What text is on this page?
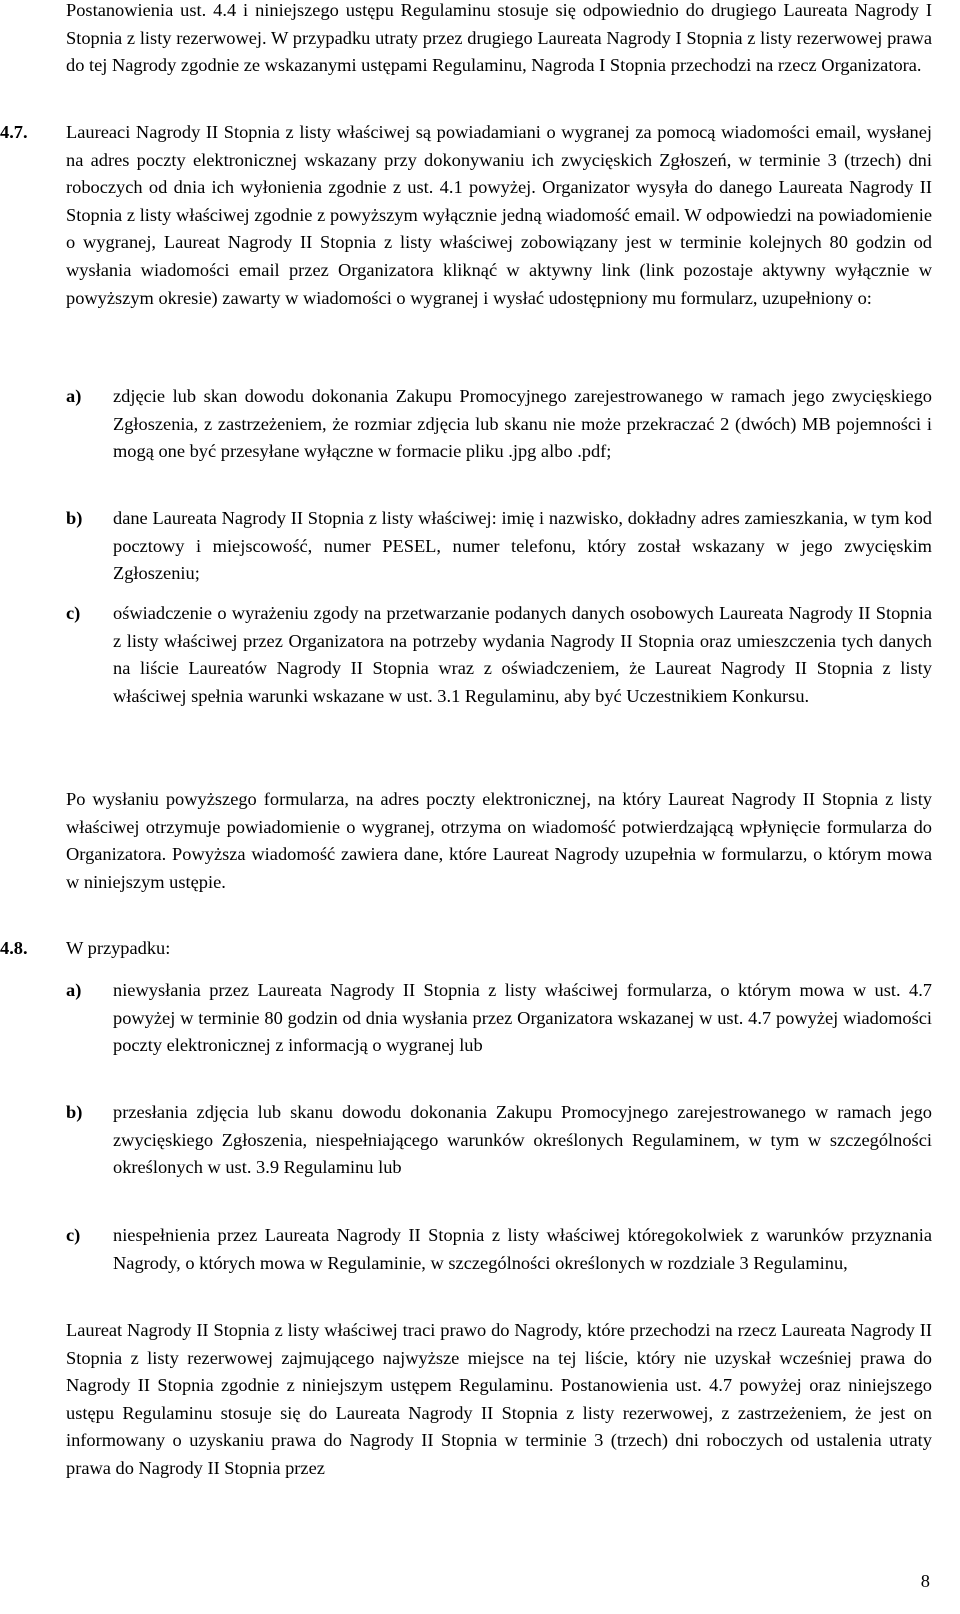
Postanowienia ust. 4.4 i niniejszego ustępu Regulaminu stosuje się odpowiednio do drugiego Laureata Nagrody I Stopnia z listy rezerwowej. W przypadku utraty przez drugiego Laureata Nagrody I Stopnia z listy rezerwowej prawa do tej Nagrody zgodnie ze wskazanymi ustępami Regulaminu, Nagroda I Stopnia przechodzi na rzecz Organizatora.

4.7. Laureaci Nagrody II Stopnia z listy właściwej są powiadamiani o wygranej za pomocą wiadomości email, wysłanej na adres poczty elektronicznej wskazany przy dokonywaniu ich zwycięskich Zgłoszeń, w terminie 3 (trzech) dni roboczych od dnia ich wyłonienia zgodnie z ust. 4.1 powyżej. Organizator wysyła do danego Laureata Nagrody II Stopnia z listy właściwej zgodnie z powyższym wyłącznie jedną wiadomość email. W odpowiedzi na powiadomienie o wygranej, Laureat Nagrody II Stopnia z listy właściwej zobowiązany jest w terminie kolejnych 80 godzin od wysłania wiadomości email przez Organizatora kliknąć w aktywny link (link pozostaje aktywny wyłącznie w powyższym okresie) zawarty w wiadomości o wygranej i wysłać udostępniony mu formularz, uzupełniony o:

a) zdjęcie lub skan dowodu dokonania Zakupu Promocyjnego zarejestrowanego w ramach jego zwycięskiego Zgłoszenia, z zastrzeżeniem, że rozmiar zdjęcia lub skanu nie może przekraczać 2 (dwóch) MB pojemności i mogą one być przesyłane wyłączne w formacie pliku .jpg albo .pdf;

b) dane Laureata Nagrody II Stopnia z listy właściwej: imię i nazwisko, dokładny adres zamieszkania, w tym kod pocztowy i miejscowość, numer PESEL, numer telefonu, który został wskazany w jego zwycięskim Zgłoszeniu;

c) oświadczenie o wyrażeniu zgody na przetwarzanie podanych danych osobowych Laureata Nagrody II Stopnia z listy właściwej przez Organizatora na potrzeby wydania Nagrody II Stopnia oraz umieszczenia tych danych na liście Laureatów Nagrody II Stopnia wraz z oświadczeniem, że Laureat Nagrody II Stopnia z listy właściwej spełnia warunki wskazane w ust. 3.1 Regulaminu, aby być Uczestnikiem Konkursu.

Po wysłaniu powyższego formularza, na adres poczty elektronicznej, na który Laureat Nagrody II Stopnia z listy właściwej otrzymuje powiadomienie o wygranej, otrzyma on wiadomość potwierdzającą wpłynięcie formularza do Organizatora. Powyższa wiadomość zawiera dane, które Laureat Nagrody uzupełnia w formularzu, o którym mowa w niniejszym ustępie.

4.8. W przypadku:

a) niewysłania przez Laureata Nagrody II Stopnia z listy właściwej formularza, o którym mowa w ust. 4.7 powyżej w terminie 80 godzin od dnia wysłania przez Organizatora wskazanej w ust. 4.7 powyżej wiadomości poczty elektronicznej z informacją o wygranej lub

b) przesłania zdjęcia lub skanu dowodu dokonania Zakupu Promocyjnego zarejestrowanego w ramach jego zwycięskiego Zgłoszenia, niespełniającego warunków określonych Regulaminem, w tym w szczególności określonych w ust. 3.9 Regulaminu lub

c) niespełnienia przez Laureata Nagrody II Stopnia z listy właściwej któregokolwiek z warunków przyznania Nagrody, o których mowa w Regulaminie, w szczególności określonych w rozdziale 3 Regulaminu,

Laureat Nagrody II Stopnia z listy właściwej traci prawo do Nagrody, które przechodzi na rzecz Laureata Nagrody II Stopnia z listy rezerwowej zajmującego najwyższe miejsce na tej liście, który nie uzyskał wcześniej prawa do Nagrody II Stopnia zgodnie z niniejszym ustępem Regulaminu. Postanowienia ust. 4.7 powyżej oraz niniejszego ustępu Regulaminu stosuje się do Laureata Nagrody II Stopnia z listy rezerwowej, z zastrzeżeniem, że jest on informowany o uzyskaniu prawa do Nagrody II Stopnia w terminie 3 (trzech) dni roboczych od ustalenia utraty prawa do Nagrody II Stopnia przez

8
